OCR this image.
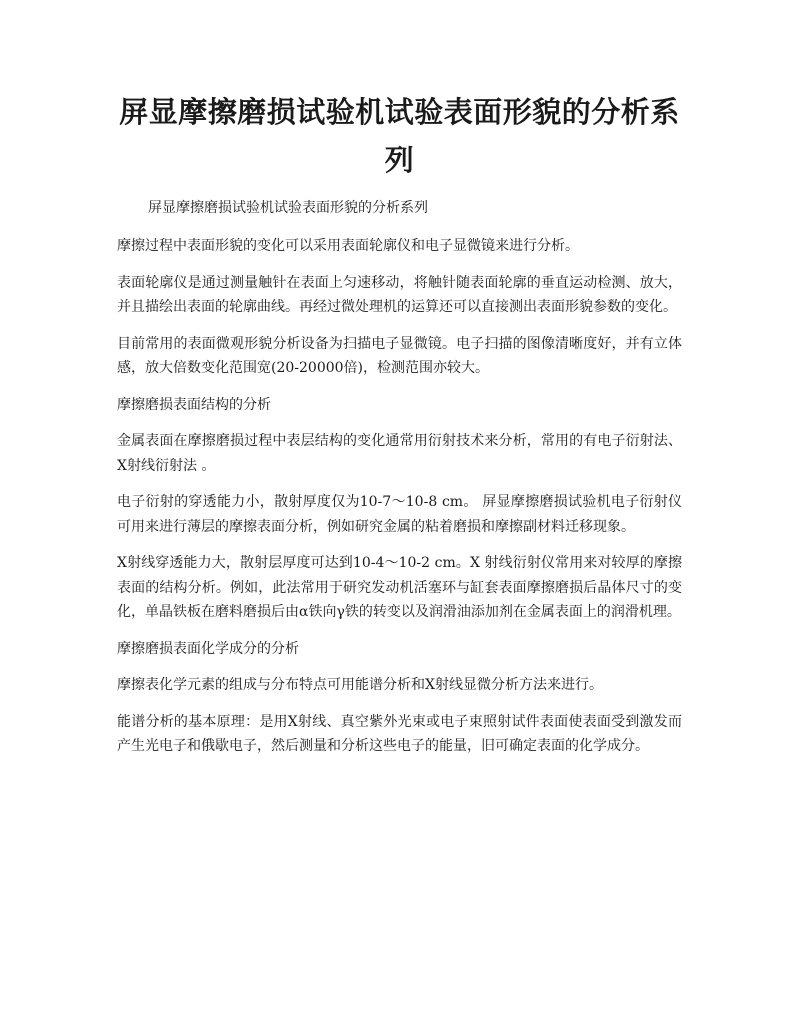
屏显摩擦磨损试验机试验表面形貌的分析系列

屏显摩擦磨损试验机试验表面形貌的分析系列

摩擦过程中表面形貌的变化可以采用表面轮廓仪和电子显微镜来进行分析。

表面轮廓仪是通过测量触针在表面上匀速移动，将触针随表面轮廓的垂直运动检测、放大，并且描绘出表面的轮廓曲线。再经过微处理机的运算还可以直接测出表面形貌参数的变化。

目前常用的表面微观形貌分析设备为扫描电子显微镜。电子扫描的图像清晰度好，并有立体感，放大倍数变化范围宽(20-20000倍)，检测范围亦较大。

摩擦磨损表面结构的分析

金属表面在摩擦磨损过程中表层结构的变化通常用衍射技术来分析，常用的有电子衍射法、X射线衍射法 。

电子衍射的穿透能力小，散射厚度仅为10-7～10-8 cm。 屏显摩擦磨损试验机电子衍射仪可用来进行薄层的摩擦表面分析，例如研究金属的粘着磨损和摩擦副材料迁移现象。

X射线穿透能力大，散射层厚度可达到10-4～10-2 cm。X 射线衍射仪常用来对较厚的摩擦表面的结构分析。例如，此法常用于研究发动机活塞环与缸套表面摩擦磨损后晶体尺寸的变化，单晶铁板在磨料磨损后由α铁向γ铁的转变以及润滑油添加剂在金属表面上的润滑机理。

摩擦磨损表面化学成分的分析

摩擦表化学元素的组成与分布特点可用能谱分析和X射线显微分析方法来进行。

能谱分析的基本原理：是用X射线、真空紫外光束或电子束照射试件表面使表面受到激发而产生光电子和俄歇电子，然后测量和分析这些电子的能量，旧可确定表面的化学成分。
